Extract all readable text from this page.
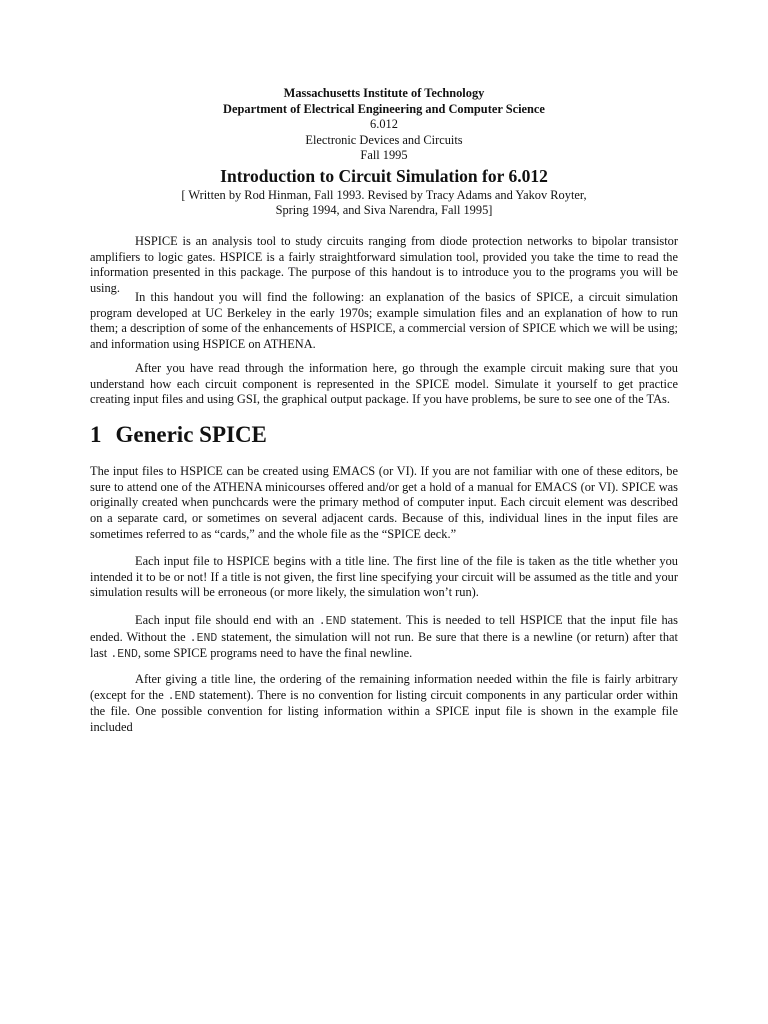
Massachusetts Institute of Technology
Department of Electrical Engineering and Computer Science
6.012
Electronic Devices and Circuits
Fall 1995
Introduction to Circuit Simulation for 6.012
[ Written by Rod Hinman, Fall 1993. Revised by Tracy Adams and Yakov Royter,
Spring 1994, and Siva Narendra, Fall 1995]

HSPICE is an analysis tool to study circuits ranging from diode protection networks to bipolar transistor amplifiers to logic gates. HSPICE is a fairly straightforward simulation tool, provided you take the time to read the information presented in this package. The purpose of this handout is to introduce you to the programs you will be using.

In this handout you will find the following: an explanation of the basics of SPICE, a circuit simulation program developed at UC Berkeley in the early 1970s; example simulation files and an explanation of how to run them; a description of some of the enhancements of HSPICE, a commercial version of SPICE which we will be using; and information using HSPICE on ATHENA.

After you have read through the information here, go through the example circuit making sure that you understand how each circuit component is represented in the SPICE model. Simulate it yourself to get practice creating input files and using GSI, the graphical output package. If you have problems, be sure to see one of the TAs.

1 Generic SPICE

The input files to HSPICE can be created using EMACS (or VI). If you are not familiar with one of these editors, be sure to attend one of the ATHENA minicourses offered and/or get a hold of a manual for EMACS (or VI). SPICE was originally created when punchcards were the primary method of computer input. Each circuit element was described on a separate card, or sometimes on several adjacent cards. Because of this, individual lines in the input files are sometimes referred to as “cards,” and the whole file as the “SPICE deck.”

Each input file to HSPICE begins with a title line. The first line of the file is taken as the title whether you intended it to be or not! If a title is not given, the first line specifying your circuit will be assumed as the title and your simulation results will be erroneous (or more likely, the simulation won’t run).

Each input file should end with an .END statement. This is needed to tell HSPICE that the input file has ended. Without the .END statement, the simulation will not run. Be sure that there is a newline (or return) after that last .END, some SPICE programs need to have the final newline.

After giving a title line, the ordering of the remaining information needed within the file is fairly arbitrary (except for the .END statement). There is no convention for listing circuit components in any particular order within the file. One possible convention for listing information within a SPICE input file is shown in the example file included
